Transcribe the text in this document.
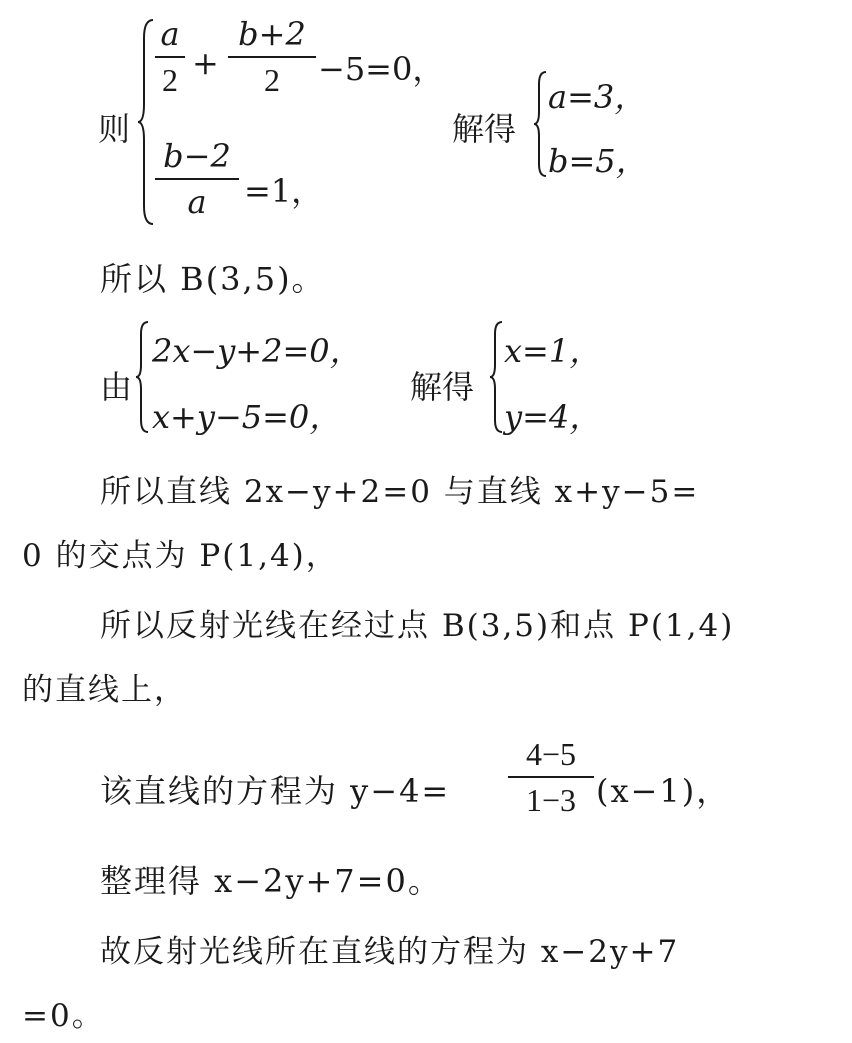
则
a
2 +
b+2
2	−5=0，
b−2
a	=1，
解得
a=3，
b=5，
所以 B(3,5)。
由
2x−y+2=0，
x+y−5=0，
解得
x=1，
y=4，
所以直线 2x−y+2=0 与直线 x+y−5=
0 的交点为 P(1,4)，
所以反射光线在经过点 B(3,5)和点 P(1,4)
的直线上，
该直线的方程为 y−4=
4−5
1−3 (x−1)，
整理得 x−2y+7=0。
故反射光线所在直线的方程为 x−2y+7
=0。
